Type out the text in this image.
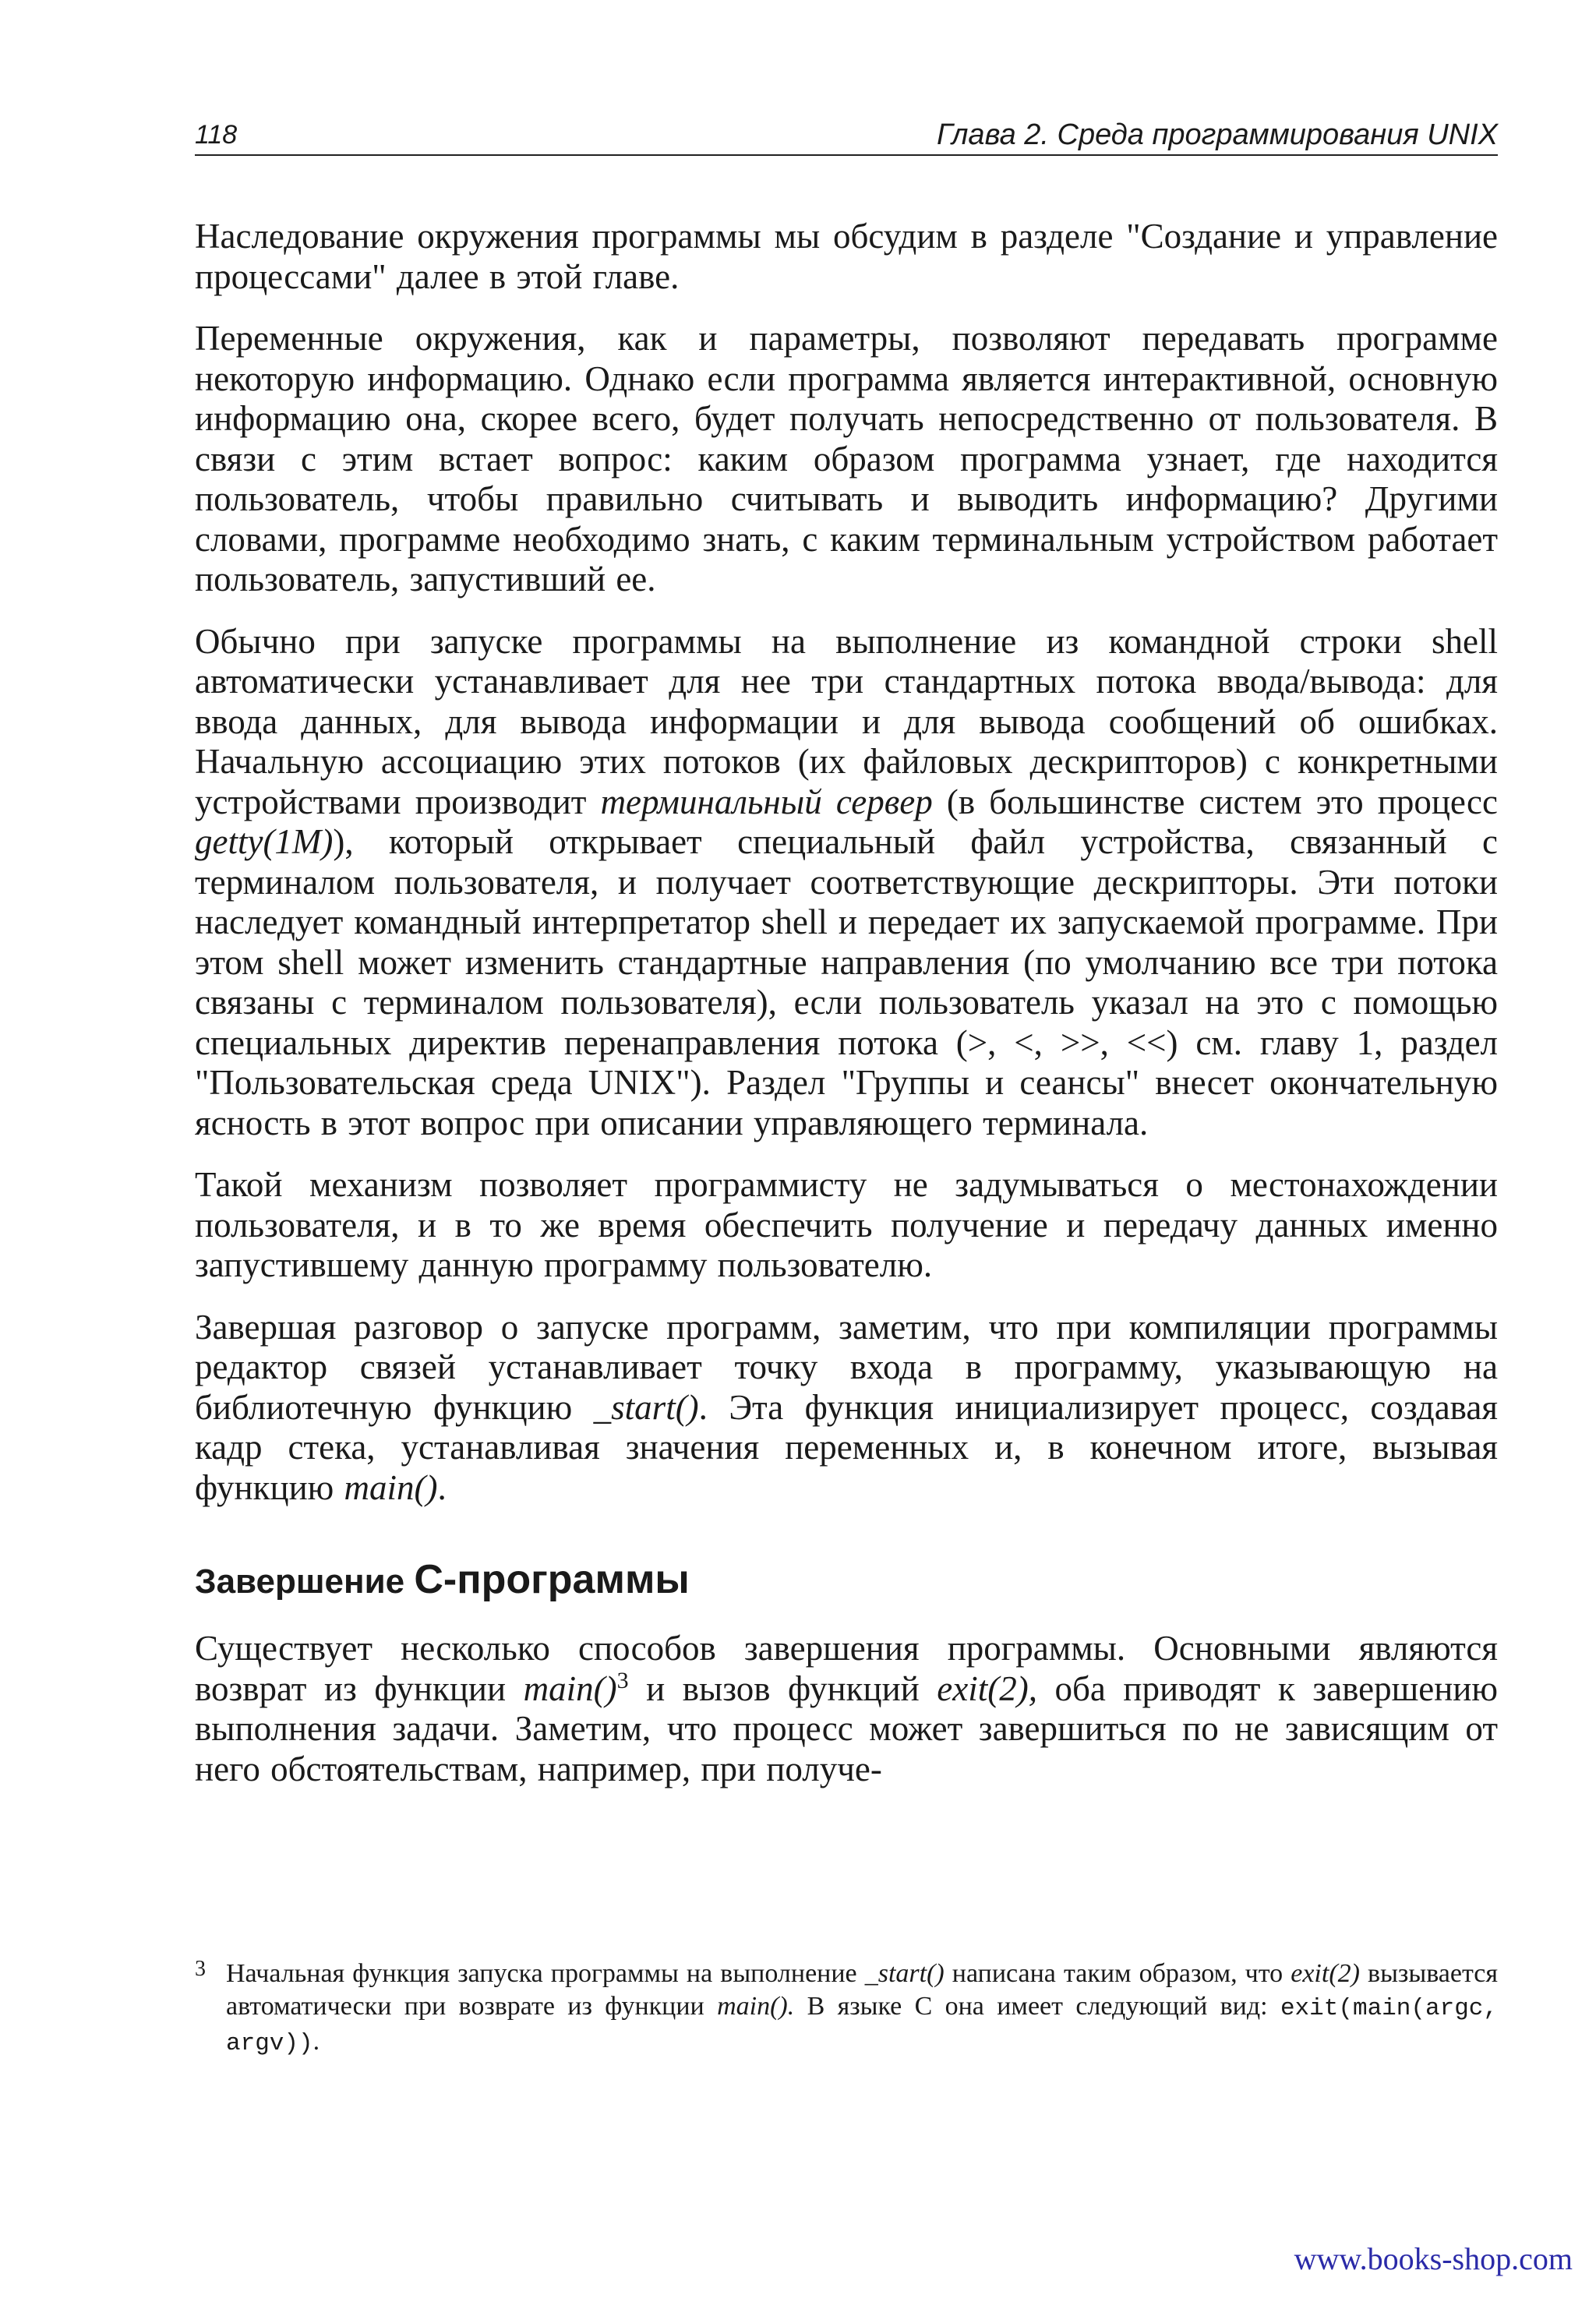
118	Глава 2. Среда программирования UNIX

Наследование окружения программы мы обсудим в разделе "Создание и управление процессами" далее в этой главе.

Переменные окружения, как и параметры, позволяют передавать программе некоторую информацию. Однако если программа является интерактивной, основную информацию она, скорее всего, будет получать непосредственно от пользователя. В связи с этим встает вопрос: каким образом программа узнает, где находится пользователь, чтобы правильно считывать и выводить информацию? Другими словами, программе необходимо знать, с каким терминальным устройством работает пользователь, запустивший ее.

Обычно при запуске программы на выполнение из командной строки shell автоматически устанавливает для нее три стандартных потока ввода/вывода: для ввода данных, для вывода информации и для вывода сообщений об ошибках. Начальную ассоциацию этих потоков (их файловых дескрипторов) с конкретными устройствами производит терминальный сервер (в большинстве систем это процесс getty(1M)), который открывает специальный файл устройства, связанный с терминалом пользователя, и получает соответствующие дескрипторы. Эти потоки наследует командный интерпретатор shell и передает их запускаемой программе. При этом shell может изменить стандартные направления (по умолчанию все три потока связаны с терминалом пользователя), если пользователь указал на это с помощью специальных директив перенаправления потока (>, <, >>, <<) см. главу 1, раздел "Пользовательская среда UNIX"). Раздел "Группы и сеансы" внесет окончательную ясность в этот вопрос при описании управляющего терминала.

Такой механизм позволяет программисту не задумываться о местонахождении пользователя, и в то же время обеспечить получение и передачу данных именно запустившему данную программу пользователю.

Завершая разговор о запуске программ, заметим, что при компиляции программы редактор связей устанавливает точку входа в программу, указывающую на библиотечную функцию _start(). Эта функция инициализирует процесс, создавая кадр стека, устанавливая значения переменных и, в конечном итоге, вызывая функцию main().

Завершение С-программы

Существует несколько способов завершения программы. Основными являются возврат из функции main()$^3$ и вызов функций exit(2), оба приводят к завершению выполнения задачи. Заметим, что процесс может завершиться по не зависящим от него обстоятельствам, например, при получе-

3 Начальная функция запуска программы на выполнение _start() написана таким образом, что exit(2) вызывается автоматически при возврате из функции main(). В языке С она имеет следующий вид: exit(main(argc, argv)).
www.books-shop.com
